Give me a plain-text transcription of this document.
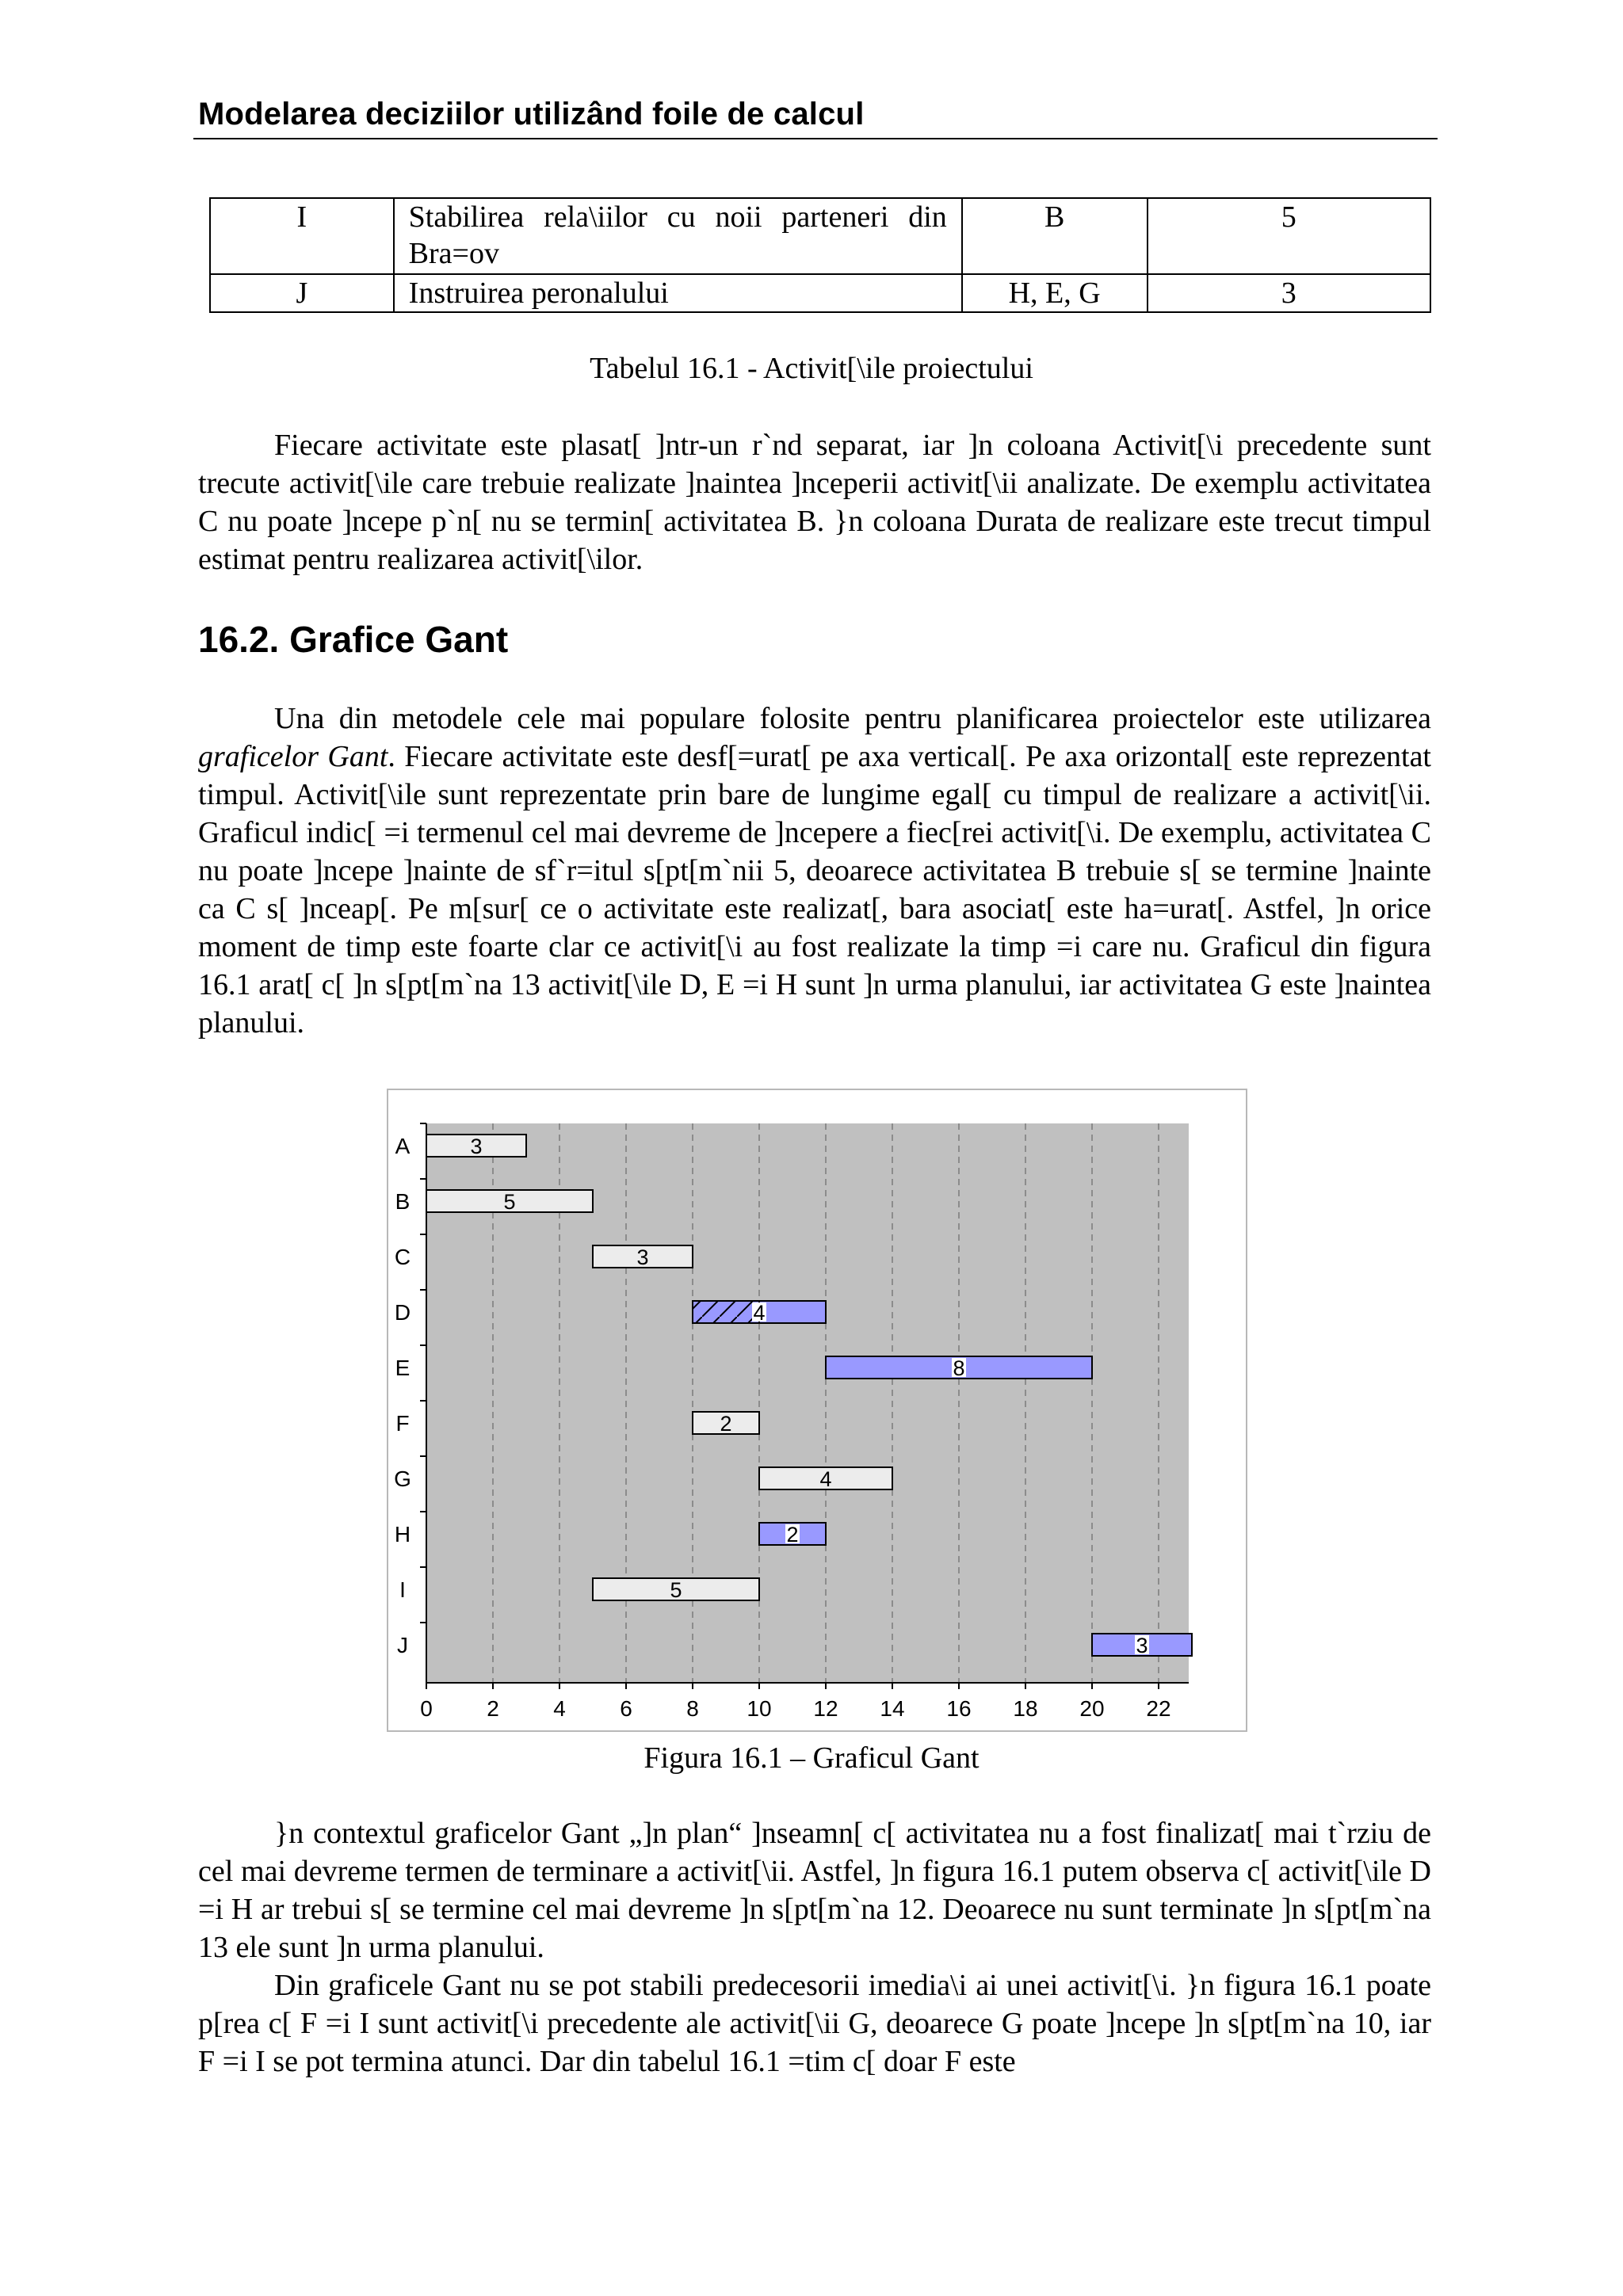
Modelarea deciziilor utilizând foile de calcul
I	Stabilirea rela\iilor cu noii parteneri din Bra=ov	B	5
J	Instruirea peronalului	H, E, G	3
Tabelul 16.1 - Activit[\ile proiectului

Fiecare activitate este plasat[ ]ntr-un r`nd separat, iar ]n coloana Activit[\i precedente sunt trecute activit[\ile care trebuie realizate ]naintea ]nceperii activit[\ii analizate. De exemplu activitatea C nu poate ]ncepe p`n[ nu se termin[ activitatea B. }n coloana Durata de realizare este trecut timpul estimat pentru realizarea activit[\ilor.

16.2. Grafice Gant

Una din metodele cele mai populare folosite pentru planificarea proiectelor este utilizarea graficelor Gant. Fiecare activitate este desf[=urat[ pe axa vertical[. Pe axa orizontal[ este reprezentat timpul. Activit[\ile sunt reprezentate prin bare de lungime egal[ cu timpul de realizare a activit[\ii. Graficul indic[ =i termenul cel mai devreme de ]ncepere a fiec[rei activit[\i. De exemplu, activitatea C nu poate ]ncepe ]nainte de sf`r=itul s[pt[m`nii 5, deoarece activitatea B trebuie s[ se termine ]nainte ca C s[ ]nceap[. Pe m[sur[ ce o activitate este realizat[, bara asociat[ este ha=urat[. Astfel, ]n orice moment de timp este foarte clar ce activit[\i au fost realizate la timp =i care nu. Graficul din figura 16.1 arat[ c[ ]n s[pt[m`na 13 activit[\ile D, E =i H sunt ]n urma planului, iar activitatea G este ]naintea planului.

3
5
3
4
8
2
4
2
5
3
A
B
C
D
E
F
G
H
I
J
0 2 4 6 8 10 12 14 16 18 20 22
Figura 16.1 – Graficul Gant

}n contextul graficelor Gant „]n plan“ ]nseamn[ c[ activitatea nu a fost finalizat[ mai t`rziu de cel mai devreme termen de terminare a activit[\ii. Astfel, ]n figura 16.1 putem observa c[ activit[\ile D =i H ar trebui s[ se termine cel mai devreme ]n s[pt[m`na 12. Deoarece nu sunt terminate ]n s[pt[m`na 13 ele sunt ]n urma planului.

Din graficele Gant nu se pot stabili predecesorii imedia\i ai unei activit[\i. }n figura 16.1 poate p[rea c[ F =i I sunt activit[\i precedente ale activit[\ii G, deoarece G poate ]ncepe ]n s[pt[m`na 10, iar F =i I se pot termina atunci. Dar din tabelul 16.1 =tim c[ doar F este
